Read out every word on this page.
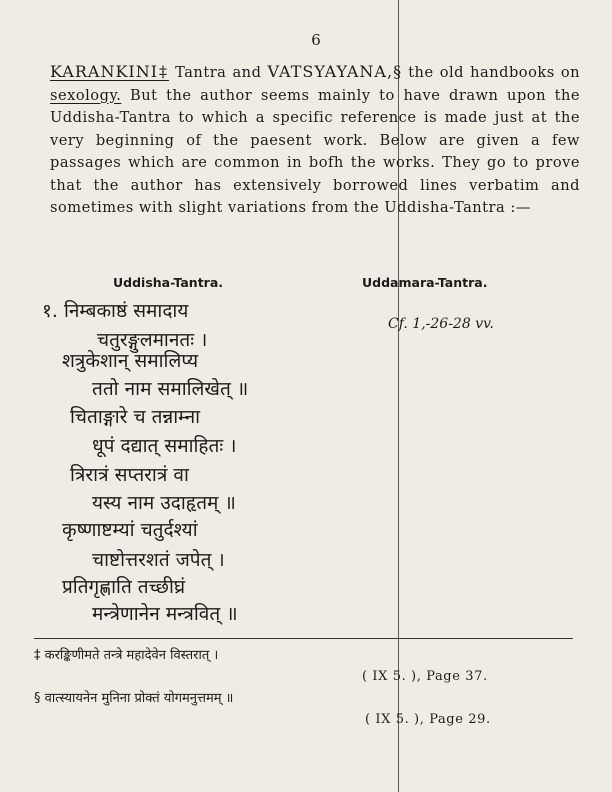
6
KARANKINI‡ Tantra and VATSYAYANA,§ the old handbooks on sexology. But the author seems mainly to have drawn upon the Uddisha-Tantra to which a specific reference is made just at the very beginning of the paesent work. Below are given a few passages which are common in bofh the works. They go to prove that the author has extensively borrowed lines verbatim and sometimes with slight variations from the Uddisha-Tantra :—
Uddisha-Tantra.	Uddamara-Tantra.
Cf. 1,-26-28 vv.
१. निम्बकाष्ठं समादाय
चतुरङ्गुलमानतः ।
शत्रुकेशान् समालिप्य
ततो नाम समालिखेत् ॥
चिताङ्गारे च तन्नाम्ना
धूपं दद्यात् समाहितः ।
त्रिरात्रं सप्तरात्रं वा
यस्य नाम उदाहृतम् ॥
कृष्णाष्टम्यां चतुर्दश्यां
चाष्टोत्तरशतं जपेत् ।
प्रतिगृह्णाति तच्छीघ्रं
मन्त्रेणानेन मन्त्रवित् ॥
‡ करङ्किणीमते तन्त्रे महादेवेन विस्तरात् ।
( IX 5. ), Page 37.
§ वात्स्यायनेन मुनिना प्रोक्तं योगमनुत्तमम् ॥
( IX 5. ), Page 29.
